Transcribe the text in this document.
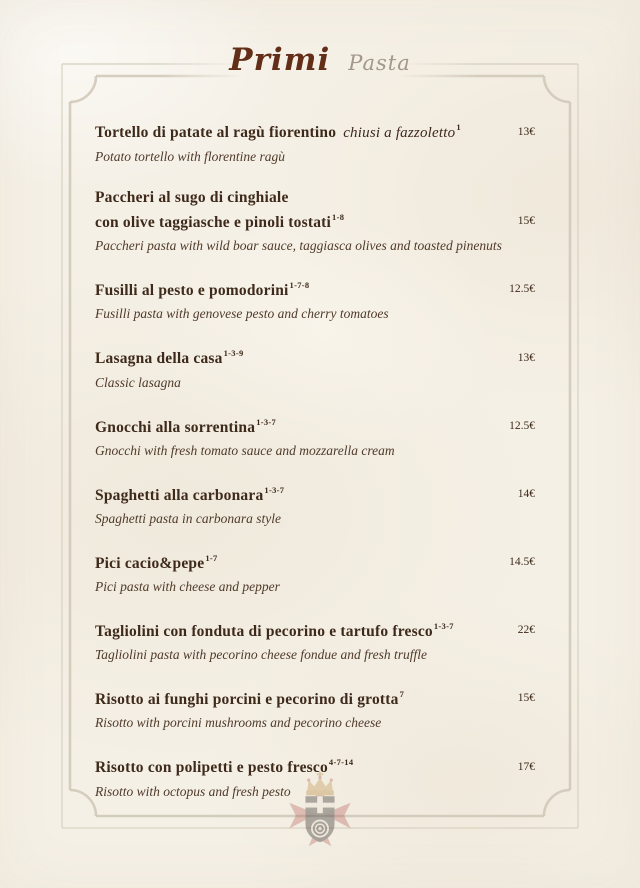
Primi Pasta
Tortello di patate al ragù fiorentino chiusi a fazzoletto$^1$	13€
Potato tortello with florentine ragù
Paccheri al sugo di cinghiale
con olive taggiasche e pinoli tostati$^{1-8}$	15€
Paccheri pasta with wild boar sauce, taggiasca olives and toasted pinenuts
Fusilli al pesto e pomodorini$^{1-7-8}$	12.5€
Fusilli pasta with genovese pesto and cherry tomatoes
Lasagna della casa$^{1-3-9}$	13€
Classic lasagna
Gnocchi alla sorrentina$^{1-3-7}$	12.5€
Gnocchi with fresh tomato sauce and mozzarella cream
Spaghetti alla carbonara$^{1-3-7}$	14€
Spaghetti pasta in carbonara style
Pici cacio&pepe$^{1-7}$	14.5€
Pici pasta with cheese and pepper
Tagliolini con fonduta di pecorino e tartufo fresco$^{1-3-7}$	22€
Tagliolini pasta with pecorino cheese fondue and fresh truffle
Risotto ai funghi porcini e pecorino di grotta$^7$	15€
Risotto with porcini mushrooms and pecorino cheese
Risotto con polipetti e pesto fresco$^{4-7-14}$	17€
Risotto with octopus and fresh pesto
